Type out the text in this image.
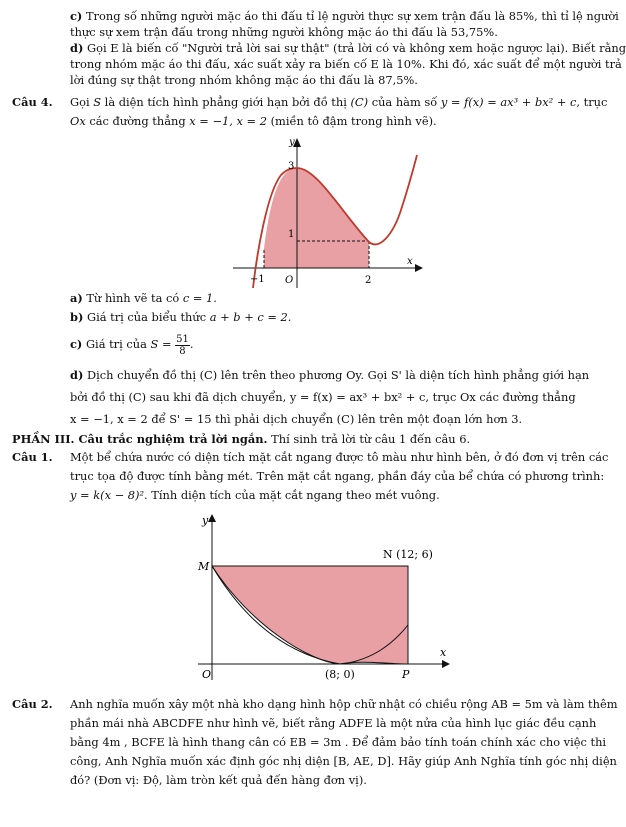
c) Trong số những người mặc áo thi đấu tỉ lệ người thực sự xem trận đấu là 85%, thì tỉ lệ người
thực sự xem trận đấu trong những người không mặc áo thi đấu là 53,75%.
d) Gọi E là biến cố "Người trả lời sai sự thật" (trả lời có và không xem hoặc ngược lại). Biết rằng
trong nhóm mặc áo thi đấu, xác suất xảy ra biến cố E là 10%. Khi đó, xác suất để một người trả
lời đúng sự thật trong nhóm không mặc áo thi đấu là 87,5%.
Câu 4. Gọi S là diện tích hình phẳng giới hạn bởi đồ thị (C) của hàm số y = f(x) = ax³ + bx² + c, trục
Ox các đường thẳng x = −1, x = 2 (miền tô đậm trong hình vẽ).
y
x
3
1
−1 O	2
a) Từ hình vẽ ta có c = 1.
b) Giá trị của biểu thức a + b + c = 2.
c) Giá trị của $S = \frac{51}{8}$ .
d) Dịch chuyển đồ thị (C) lên trên theo phương Oy. Gọi S' là diện tích hình phẳng giới hạn
bởi đồ thị (C) sau khi đã dịch chuyển, y = f(x) = ax³ + bx² + c, trục Ox các đường thẳng
x = −1, x = 2 để S' = 15 thì phải dịch chuyển (C) lên trên một đoạn lớn hơn 3.
PHẦN III. Câu trắc nghiệm trả lời ngắn. Thí sinh trả lời từ câu 1 đến câu 6.
Câu 1. Một bể chứa nước có diện tích mặt cắt ngang được tô màu như hình bên, ở đó đơn vị trên các
trục tọa độ được tính bằng mét. Trên mặt cắt ngang, phần đáy của bể chứa có phương trình:
y = k(x − 8)². Tính diện tích của mặt cắt ngang theo mét vuông.
y
x
O
M
N (12; 6)
(8; 0)	P
Câu 2. Anh nghĩa muốn xây một nhà kho dạng hình hộp chữ nhật có chiều rộng AB = 5m và làm thêm
phần mái nhà ABCDFE như hình vẽ, biết rằng ADFE là một nửa của hình lục giác đều cạnh
bằng 4m , BCFE là hình thang cân có EB = 3m . Để đảm bảo tính toán chính xác cho việc thi
công, Anh Nghĩa muốn xác định góc nhị diện [B, AE, D]. Hãy giúp Anh Nghĩa tính góc nhị diện
đó? (Đơn vị: Độ, làm tròn kết quả đến hàng đơn vị).
